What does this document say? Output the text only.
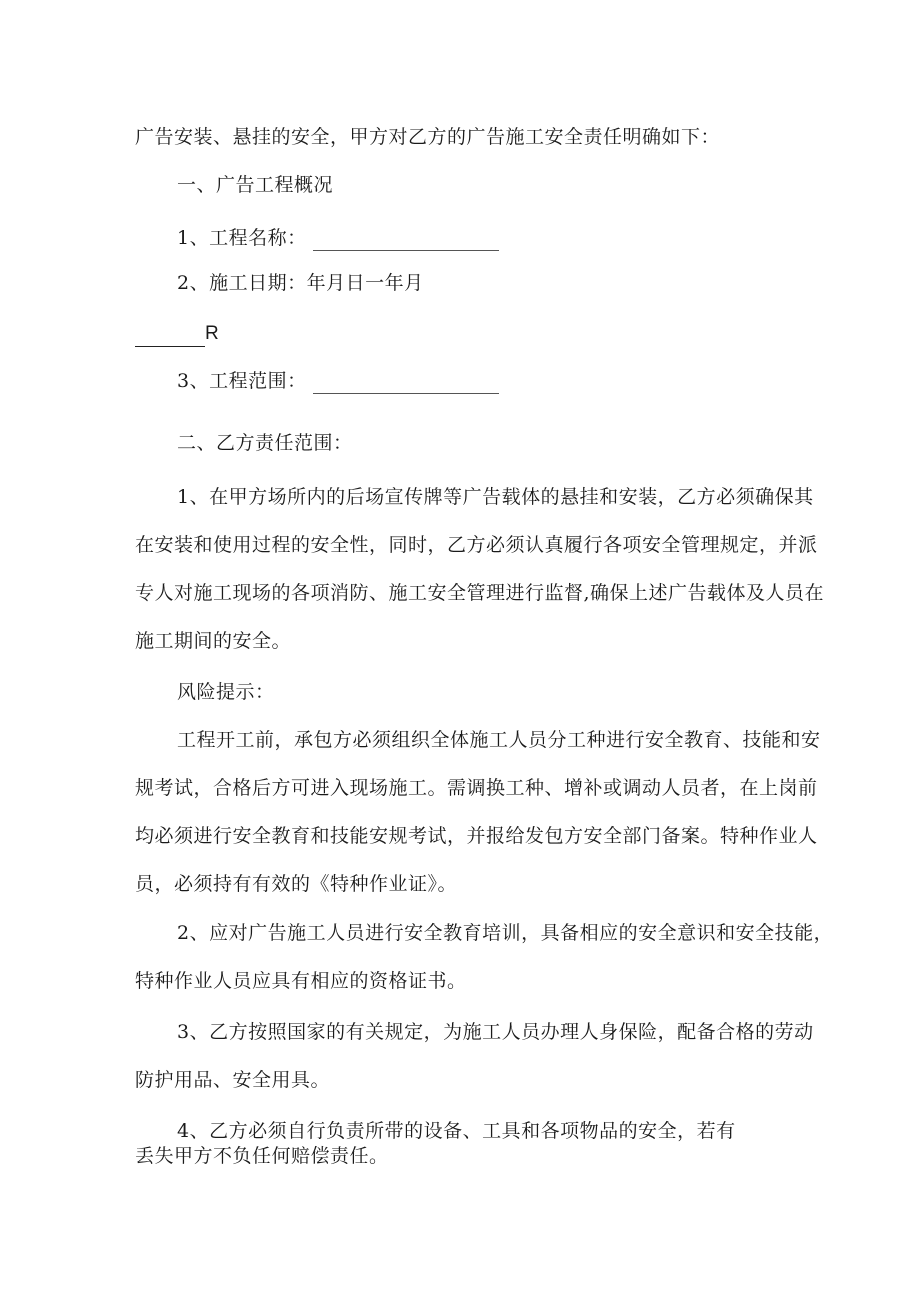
广告安装、悬挂的安全，甲方对乙方的广告施工安全责任明确如下：
一、广告工程概况
1、工程名称：
2、施工日期：年月日一年月
R
3、工程范围：
二、乙方责任范围：
1、在甲方场所内的后场宣传牌等广告载体的悬挂和安装，乙方必须确保其
在安装和使用过程的安全性，同时，乙方必须认真履行各项安全管理规定，并派
专人对施工现场的各项消防、施工安全管理进行监督,确保上述广告载体及人员在
施工期间的安全。
风险提示：
工程开工前，承包方必须组织全体施工人员分工种进行安全教育、技能和安
规考试，合格后方可进入现场施工。需调换工种、增补或调动人员者，在上岗前
均必须进行安全教育和技能安规考试，并报给发包方安全部门备案。特种作业人
员，必须持有有效的《特种作业证》。
2、应对广告施工人员进行安全教育培训，具备相应的安全意识和安全技能，
特种作业人员应具有相应的资格证书。
3、乙方按照国家的有关规定，为施工人员办理人身保险，配备合格的劳动
防护用品、安全用具。
4、乙方必须自行负责所带的设备、工具和各项物品的安全，若有
丢失甲方不负任何赔偿责任。
